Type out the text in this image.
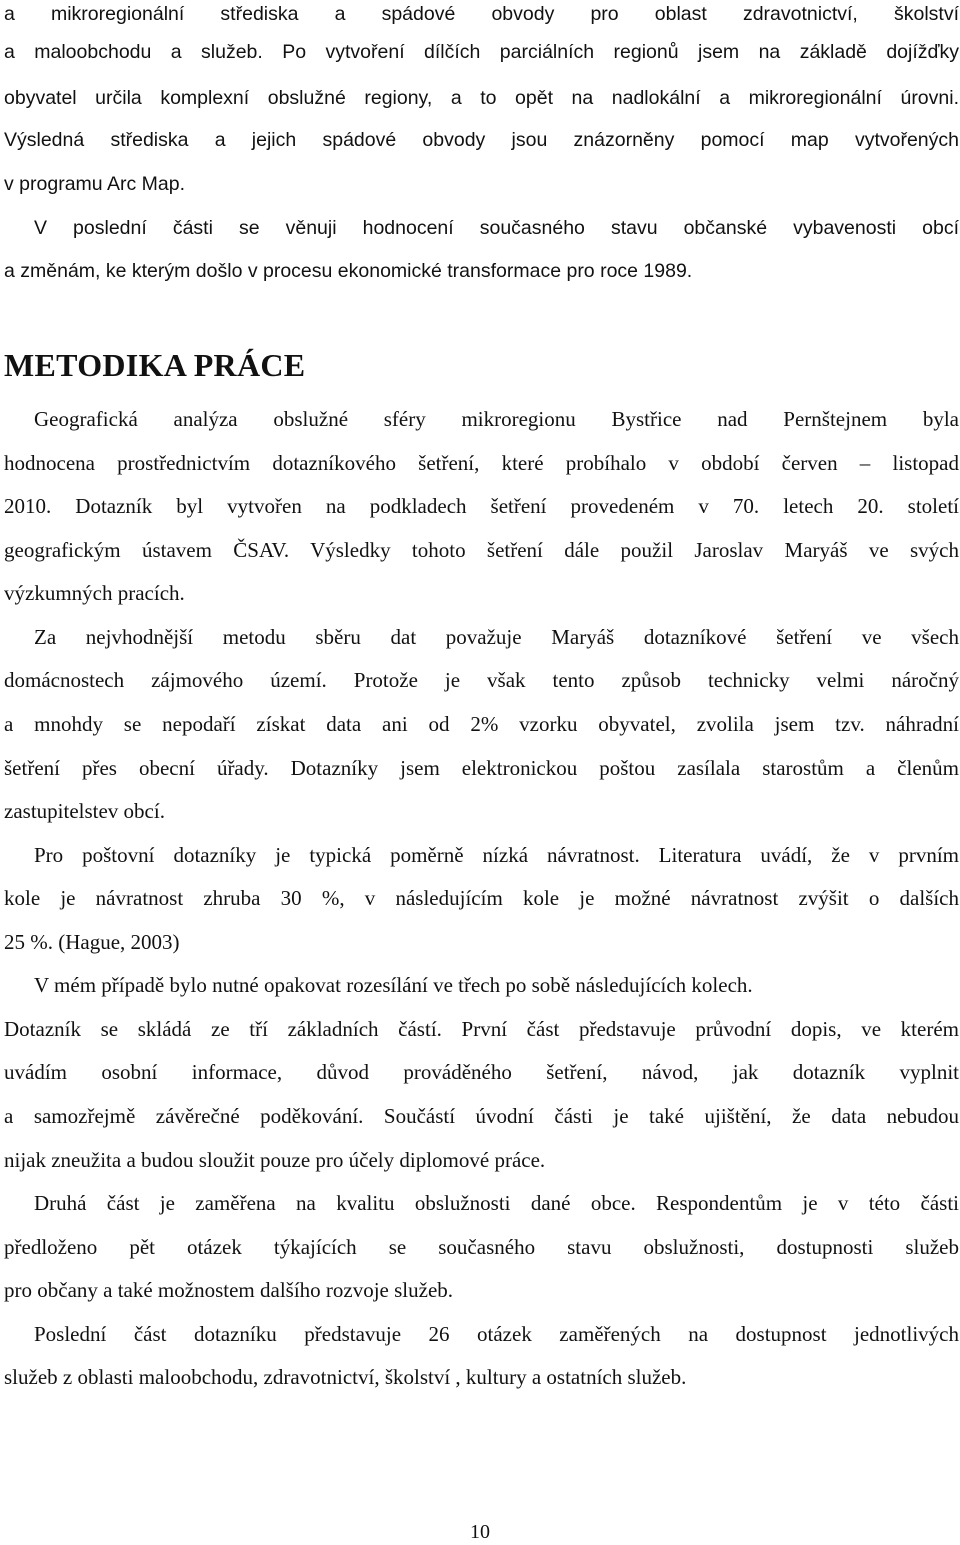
a mikroregionální střediska a spádové obvody pro oblast zdravotnictví, školství
a maloobchodu a služeb. Po vytvoření dílčích parciálních regionů jsem na základě dojížďky
obyvatel určila komplexní obslužné regiony, a to opět na nadlokální a mikroregionální úrovni.
Výsledná střediska a jejich spádové obvody jsou znázorněny pomocí map vytvořených
v programu Arc Map.
V poslední části se věnuji hodnocení současného stavu občanské vybavenosti obcí
a změnám, ke kterým došlo v procesu ekonomické transformace pro roce 1989.
METODIKA PRÁCE
Geografická analýza obslužné sféry mikroregionu Bystřice nad Pernštejnem byla
hodnocena prostřednictvím dotazníkového šetření, které probíhalo v období červen – listopad
2010. Dotazník byl vytvořen na podkladech šetření provedeném v 70. letech 20. století
geografickým ústavem ČSAV. Výsledky tohoto šetření dále použil Jaroslav Maryáš ve svých
výzkumných pracích.
Za nejvhodnější metodu sběru dat považuje Maryáš dotazníkové šetření ve všech
domácnostech zájmového území. Protože je však tento způsob technicky velmi náročný
a mnohdy se nepodaří získat data ani od 2% vzorku obyvatel, zvolila jsem tzv. náhradní
šetření přes obecní úřady. Dotazníky jsem elektronickou poštou zasílala starostům a členům
zastupitelstev obcí.
Pro poštovní dotazníky je typická poměrně nízká návratnost. Literatura uvádí, že v prvním
kole je návratnost zhruba 30 %, v následujícím kole je možné návratnost zvýšit o dalších
25 %. (Hague, 2003)
V mém případě bylo nutné opakovat rozesílání ve třech po sobě následujících kolech.
Dotazník se skládá ze tří základních částí. První část představuje průvodní dopis, ve kterém
uvádím osobní informace, důvod prováděného šetření, návod, jak dotazník vyplnit
a samozřejmě závěrečné poděkování. Součástí úvodní části je také ujištění, že data nebudou
nijak zneužita a budou sloužit pouze pro účely diplomové práce.
Druhá část je zaměřena na kvalitu obslužnosti dané obce. Respondentům je v této části
předloženo pět otázek týkajících se současného stavu obslužnosti, dostupnosti služeb
pro občany a také možnostem dalšího rozvoje služeb.
Poslední část dotazníku představuje 26 otázek zaměřených na dostupnost jednotlivých
služeb z oblasti maloobchodu, zdravotnictví, školství , kultury a ostatních služeb.
10
